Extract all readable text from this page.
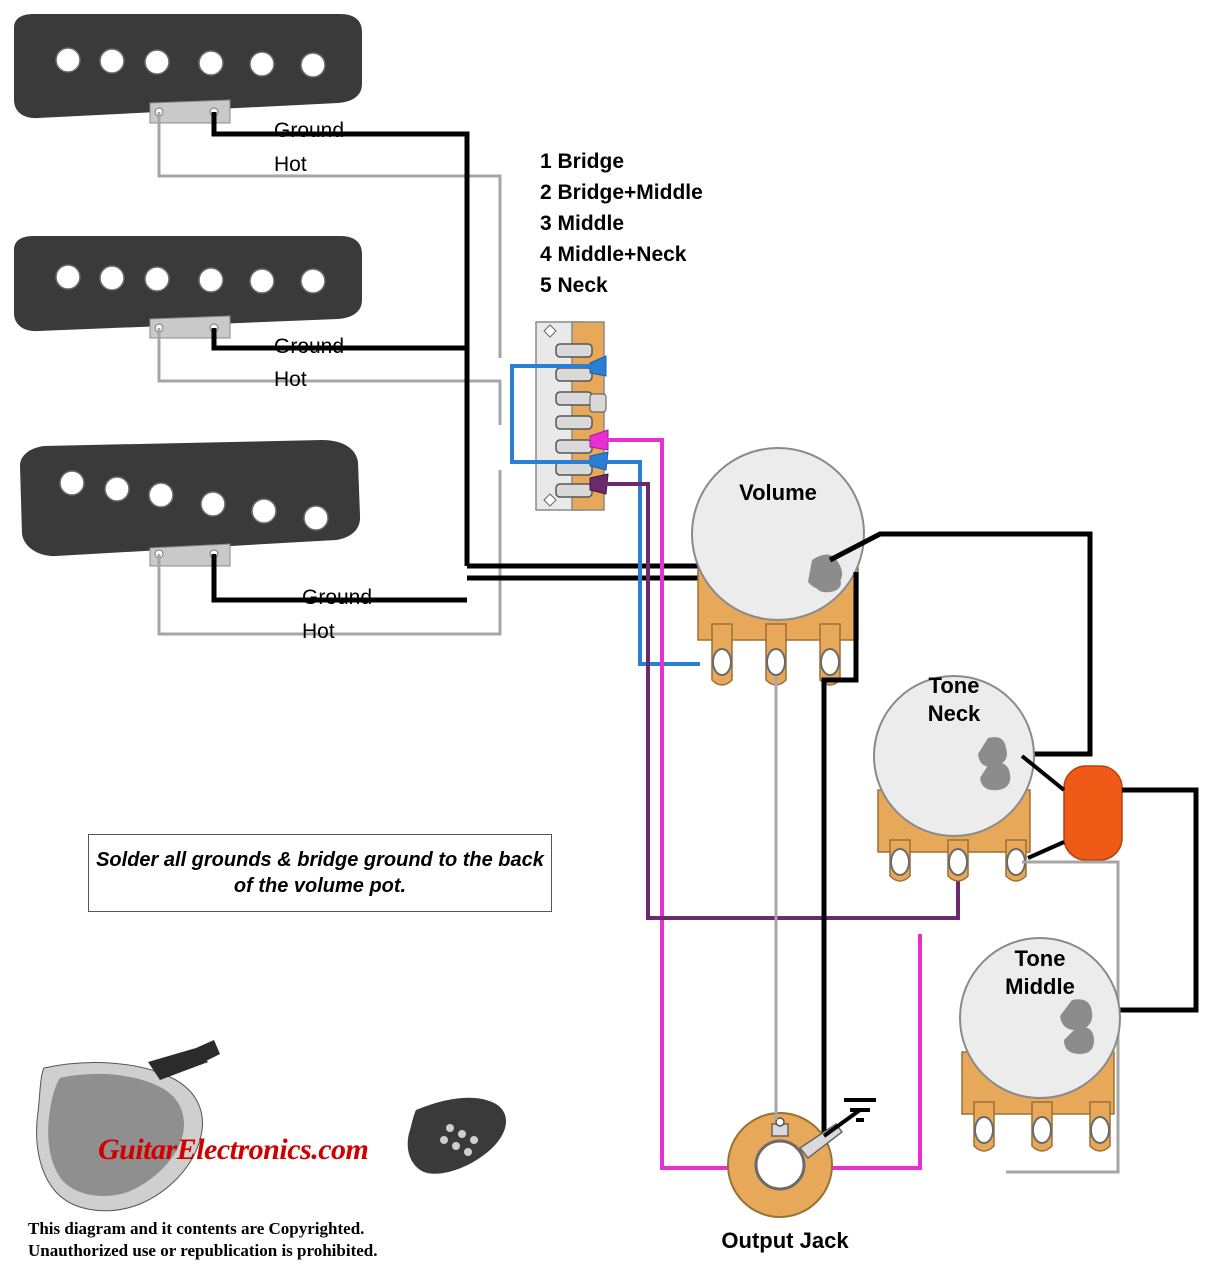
Ground
Hot
Ground
Hot
Ground
Hot
1 Bridge
2 Bridge+Middle
3 Middle
4 Middle+Neck
5 Neck
Volume
Tone
Neck
Tone
Middle
Solder all grounds & bridge ground to the back of the volume pot.
Output Jack
GuitarElectronics.com
This diagram and it contents are Copyrighted.
Unauthorized use or republication is prohibited.
